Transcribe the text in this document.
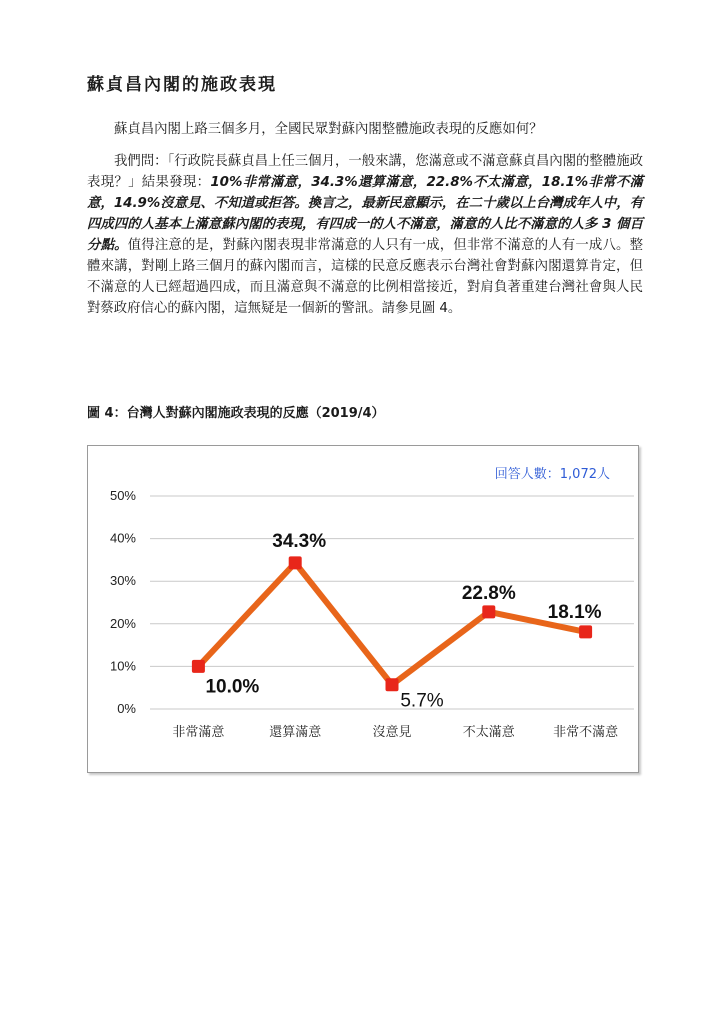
蘇貞昌內閣的施政表現

蘇貞昌內閣上路三個多月，全國民眾對蘇內閣整體施政表現的反應如何？

我們問：「行政院長蘇貞昌上任三個月，一般來講，您滿意或不滿意蘇貞昌內閣的整體施政表現？」結果發現：10%非常滿意，34.3%還算滿意，22.8%不太滿意，18.1%非常不滿意，14.9%沒意見、不知道或拒答。換言之，最新民意顯示，在二十歲以上台灣成年人中，有四成四的人基本上滿意蘇內閣的表現，有四成一的人不滿意，滿意的人比不滿意的人多 3 個百分點。值得注意的是，對蘇內閣表現非常滿意的人只有一成，但非常不滿意的人有一成八。整體來講，對剛上路三個月的蘇內閣而言，這樣的民意反應表示台灣社會對蘇內閣還算肯定，但不滿意的人已經超過四成，而且滿意與不滿意的比例相當接近，對肩負著重建台灣社會與人民對蔡政府信心的蘇內閣，這無疑是一個新的警訊。請參見圖 4。

圖 4：台灣人對蘇內閣施政表現的反應（2019/4）
0%
10%
20%
30%
40%
50%
非常滿意	還算滿意	沒意見	不太滿意	非常不滿意
10.0%
34.3%
5.7%
22.8%
18.1%
回答人數：1,072人
